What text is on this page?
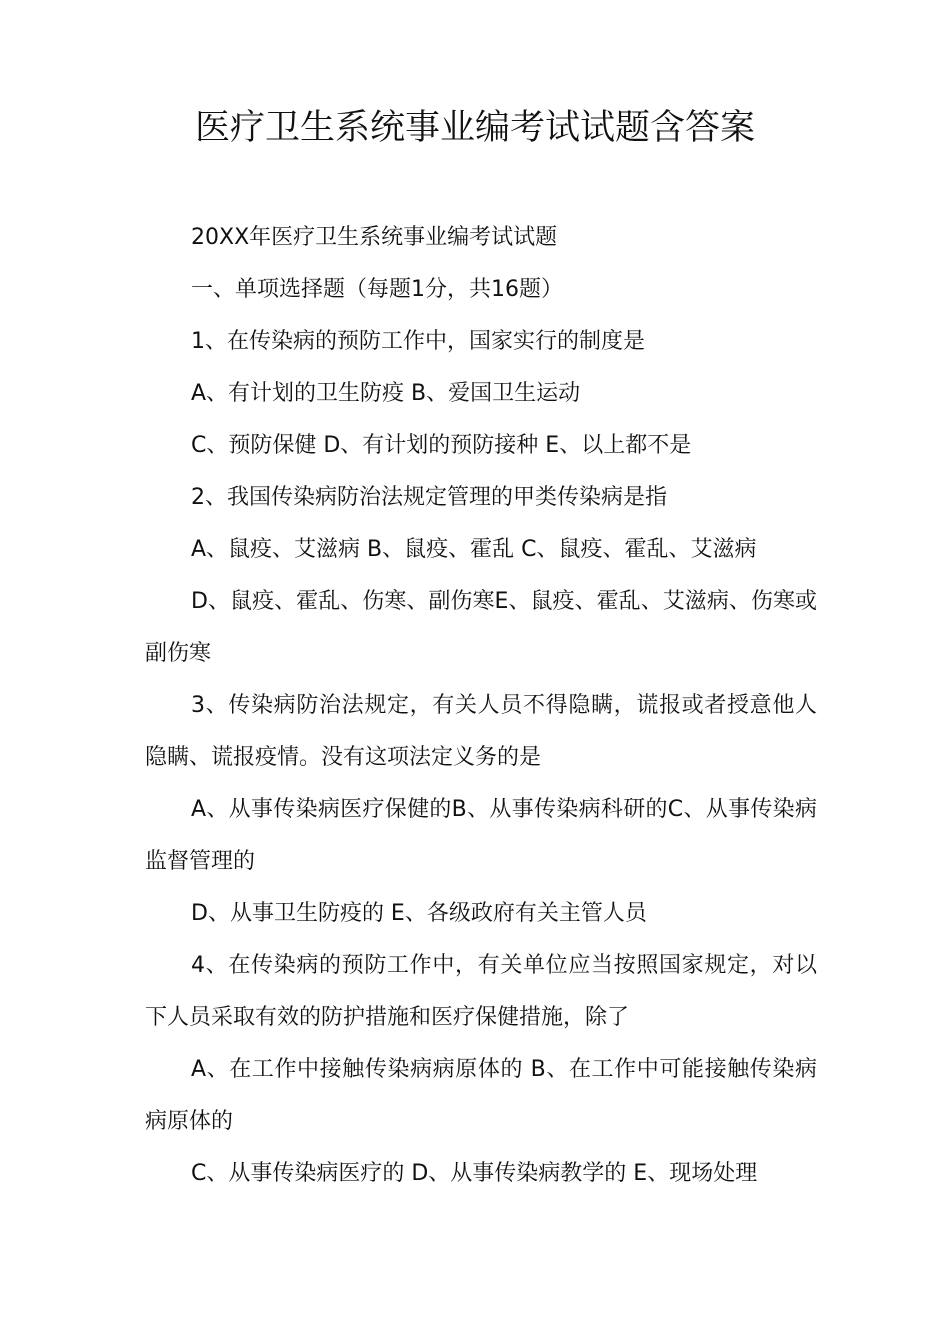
医疗卫生系统事业编考试试题含答案

20XX年医疗卫生系统事业编考试试题

一、单项选择题（每题1分，共16题）

1、在传染病的预防工作中，国家实行的制度是

A、有计划的卫生防疫 B、爱国卫生运动

C、预防保健 D、有计划的预防接种 E、以上都不是

2、我国传染病防治法规定管理的甲类传染病是指

A、鼠疫、艾滋病 B、鼠疫、霍乱 C、鼠疫、霍乱、艾滋病

D、鼠疫、霍乱、伤寒、副伤寒E、鼠疫、霍乱、艾滋病、伤寒或副伤寒

3、传染病防治法规定，有关人员不得隐瞒，谎报或者授意他人隐瞒、谎报疫情。没有这项法定义务的是

A、从事传染病医疗保健的B、从事传染病科研的C、从事传染病监督管理的

D、从事卫生防疫的 E、各级政府有关主管人员

4、在传染病的预防工作中，有关单位应当按照国家规定，对以下人员采取有效的防护措施和医疗保健措施，除了

A、在工作中接触传染病病原体的 B、在工作中可能接触传染病病原体的

C、从事传染病医疗的 D、从事传染病教学的 E、现场处理
